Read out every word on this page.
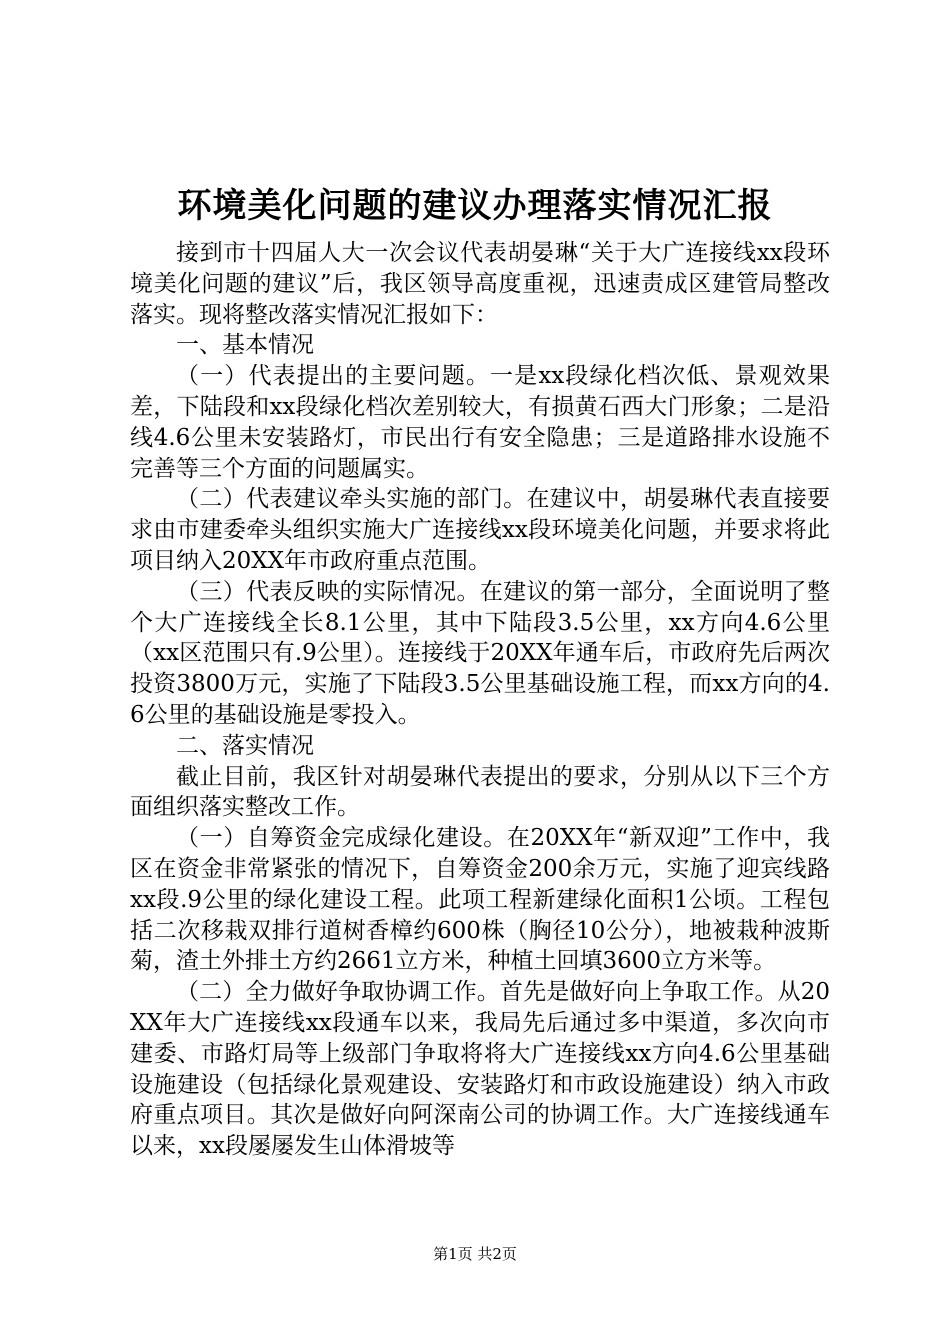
环境美化问题的建议办理落实情况汇报

接到市十四届人大一次会议代表胡晏琳“关于大广连接线xx段环境美化问题的建议”后，我区领导高度重视，迅速责成区建管局整改落实。现将整改落实情况汇报如下：

一、基本情况

（一）代表提出的主要问题。一是xx段绿化档次低、景观效果差，下陆段和xx段绿化档次差别较大，有损黄石西大门形象；二是沿线4.6公里未安装路灯，市民出行有安全隐患；三是道路排水设施不完善等三个方面的问题属实。

（二）代表建议牵头实施的部门。在建议中，胡晏琳代表直接要求由市建委牵头组织实施大广连接线xx段环境美化问题，并要求将此项目纳入20XX年市政府重点范围。

（三）代表反映的实际情况。在建议的第一部分，全面说明了整个大广连接线全长8.1公里，其中下陆段3.5公里，xx方向4.6公里（xx区范围只有.9公里）。连接线于20XX年通车后，市政府先后两次投资3800万元，实施了下陆段3.5公里基础设施工程，而xx方向的4.6公里的基础设施是零投入。

二、落实情况

截止目前，我区针对胡晏琳代表提出的要求，分别从以下三个方面组织落实整改工作。

（一）自筹资金完成绿化建设。在20XX年“新双迎”工作中，我区在资金非常紧张的情况下，自筹资金200余万元，实施了迎宾线路xx段.9公里的绿化建设工程。此项工程新建绿化面积1公顷。工程包括二次移栽双排行道树香樟约600株（胸径10公分），地被栽种波斯菊，渣土外排土方约2661立方米，种植土回填3600立方米等。

（二）全力做好争取协调工作。首先是做好向上争取工作。从20XX年大广连接线xx段通车以来，我局先后通过多中渠道，多次向市建委、市路灯局等上级部门争取将将大广连接线xx方向4.6公里基础设施建设（包括绿化景观建设、安装路灯和市政设施建设）纳入市政府重点项目。其次是做好向阿深南公司的协调工作。大广连接线通车以来，xx段屡屡发生山体滑坡等

第1页 共2页
